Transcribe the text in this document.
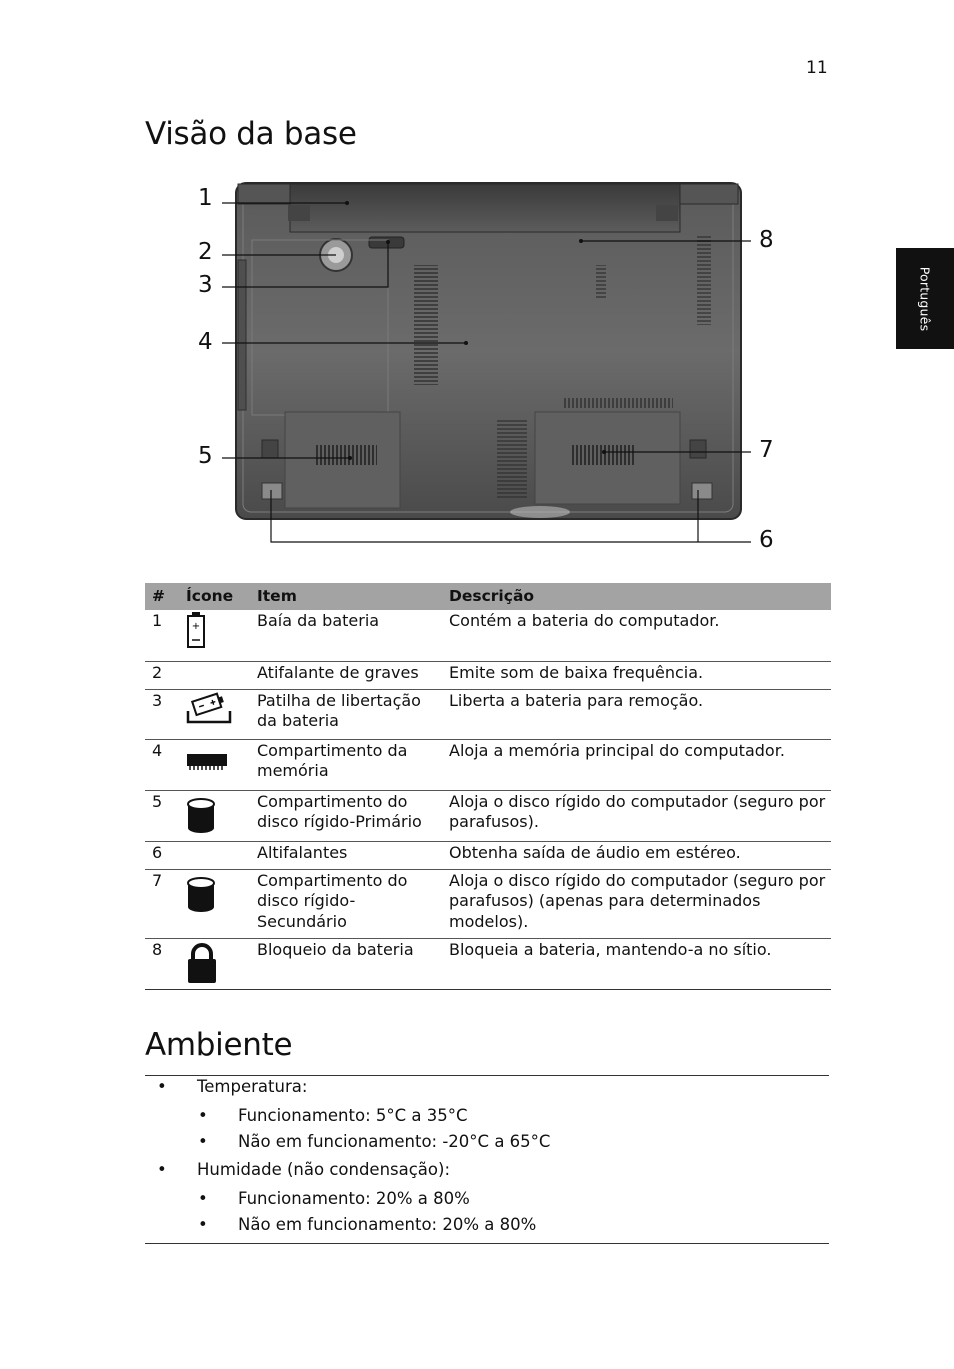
11
Português
Visão da base
1
2
3
4
5
6
7
8
#	Ícone	Item	Descrição
1	+	Baía da bateria	Contém a bateria do computador.
2		Atifalante de graves	Emite som de baixa frequência.
3		Patilha de libertação da bateria	Liberta a bateria para remoção.
4		Compartimento da memória	Aloja a memória principal do computador.
5		Compartimento do disco rígido-Primário	Aloja o disco rígido do computador (seguro por parafusos).
6		Altifalantes	Obtenha saída de áudio em estéreo.
7		Compartimento do disco rígido-Secundário	Aloja o disco rígido do computador (seguro por parafusos) (apenas para determinados modelos).
8		Bloqueio da bateria	Bloqueia a bateria, mantendo-a no sítio.
Ambiente
• Temperatura:
• Funcionamento: 5°C a 35°C
• Não em funcionamento: -20°C a 65°C
• Humidade (não condensação):
• Funcionamento: 20% a 80%
• Não em funcionamento: 20% a 80%
